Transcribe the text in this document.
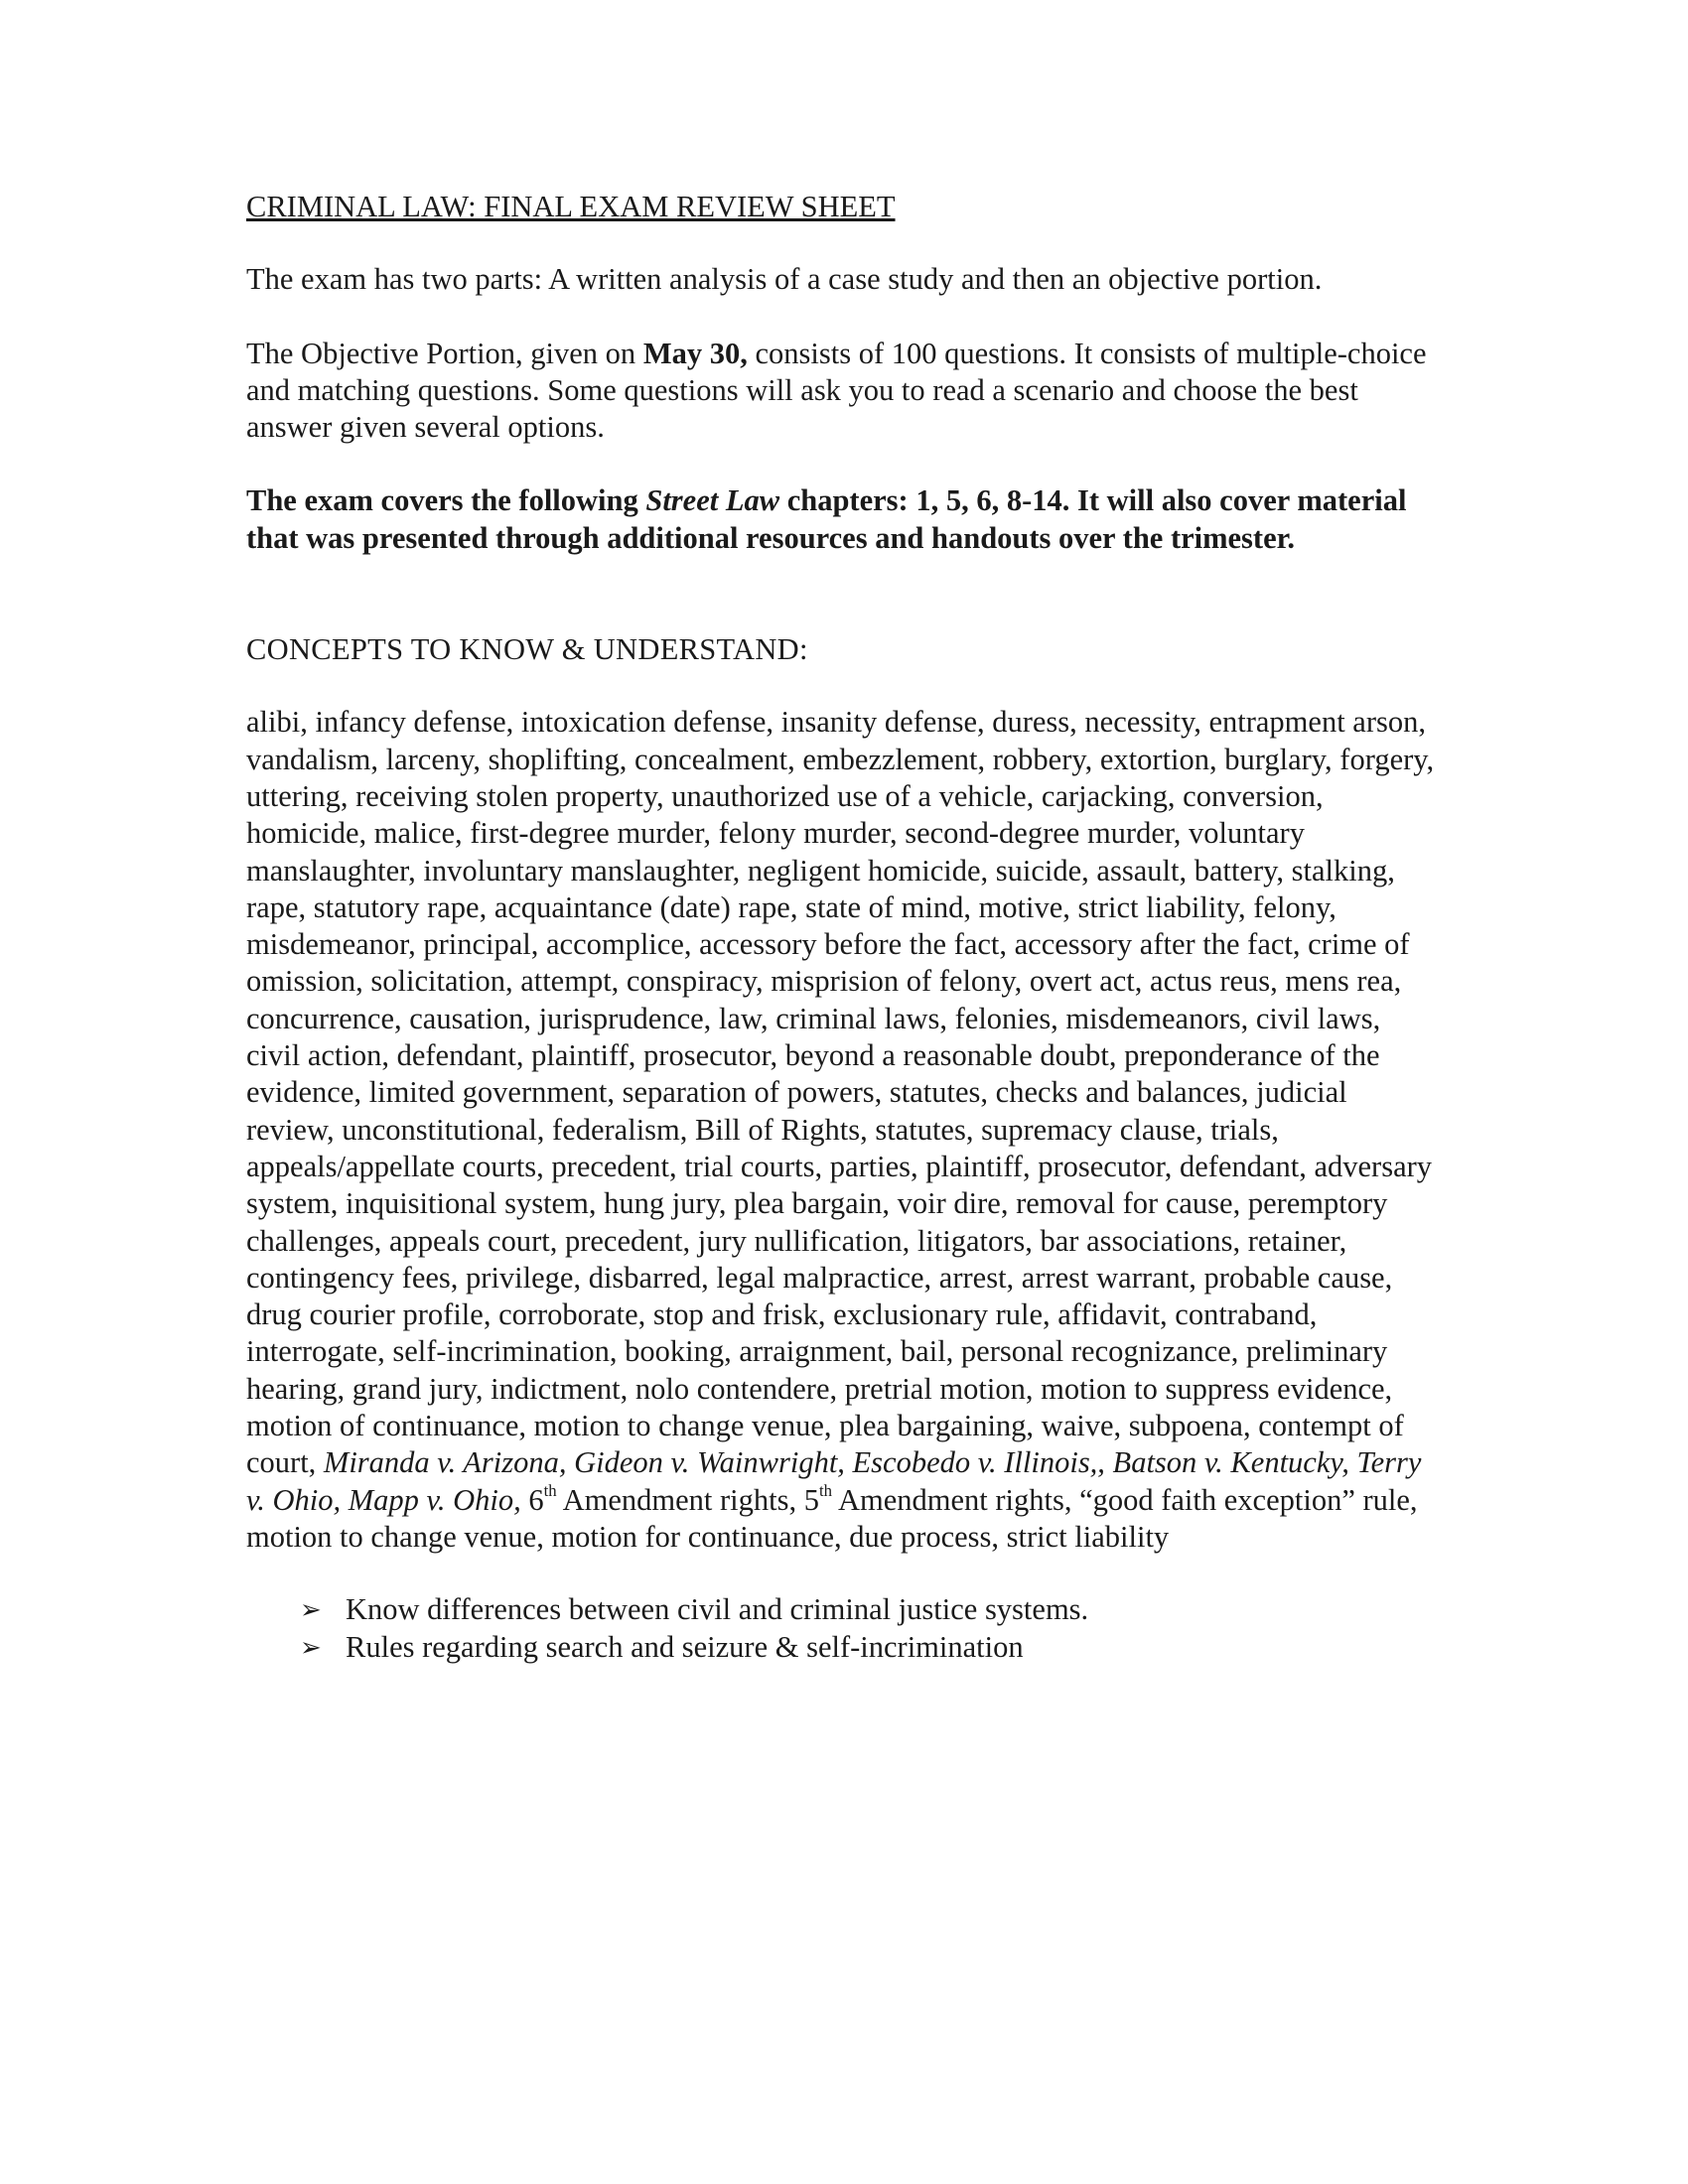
CRIMINAL LAW: FINAL EXAM REVIEW SHEET

The exam has two parts: A written analysis of a case study and then an objective portion.

The Objective Portion, given on May 30, consists of 100 questions. It consists of multiple-choice and matching questions. Some questions will ask you to read a scenario and choose the best answer given several options.

The exam covers the following Street Law chapters: 1, 5, 6, 8-14. It will also cover material that was presented through additional resources and handouts over the trimester.

CONCEPTS TO KNOW & UNDERSTAND:

alibi, infancy defense, intoxication defense, insanity defense, duress, necessity, entrapment arson, vandalism, larceny, shoplifting, concealment, embezzlement, robbery, extortion, burglary, forgery, uttering, receiving stolen property, unauthorized use of a vehicle, carjacking, conversion, homicide, malice, first-degree murder, felony murder, second-degree murder, voluntary manslaughter, involuntary manslaughter, negligent homicide, suicide, assault, battery, stalking, rape, statutory rape, acquaintance (date) rape, state of mind, motive, strict liability, felony, misdemeanor, principal, accomplice, accessory before the fact, accessory after the fact, crime of omission, solicitation, attempt, conspiracy, misprision of felony, overt act, actus reus, mens rea, concurrence, causation, jurisprudence, law, criminal laws, felonies, misdemeanors, civil laws, civil action, defendant, plaintiff, prosecutor, beyond a reasonable doubt, preponderance of the evidence, limited government, separation of powers, statutes, checks and balances, judicial review, unconstitutional, federalism, Bill of Rights, statutes, supremacy clause, trials, appeals/appellate courts, precedent, trial courts, parties, plaintiff, prosecutor, defendant, adversary system, inquisitional system, hung jury, plea bargain, voir dire, removal for cause, peremptory challenges, appeals court, precedent, jury nullification, litigators, bar associations, retainer, contingency fees, privilege, disbarred, legal malpractice, arrest, arrest warrant, probable cause, drug courier profile, corroborate, stop and frisk, exclusionary rule, affidavit, contraband, interrogate, self-incrimination, booking, arraignment, bail, personal recognizance, preliminary hearing, grand jury, indictment, nolo contendere, pretrial motion, motion to suppress evidence, motion of continuance, motion to change venue, plea bargaining, waive, subpoena, contempt of court, Miranda v. Arizona, Gideon v. Wainwright, Escobedo v. Illinois,, Batson v. Kentucky, Terry v. Ohio, Mapp v. Ohio, 6th Amendment rights, 5th Amendment rights, “good faith exception” rule, motion to change venue, motion for continuance, due process, strict liability

➢ Know differences between civil and criminal justice systems.
➢ Rules regarding search and seizure & self-incrimination
